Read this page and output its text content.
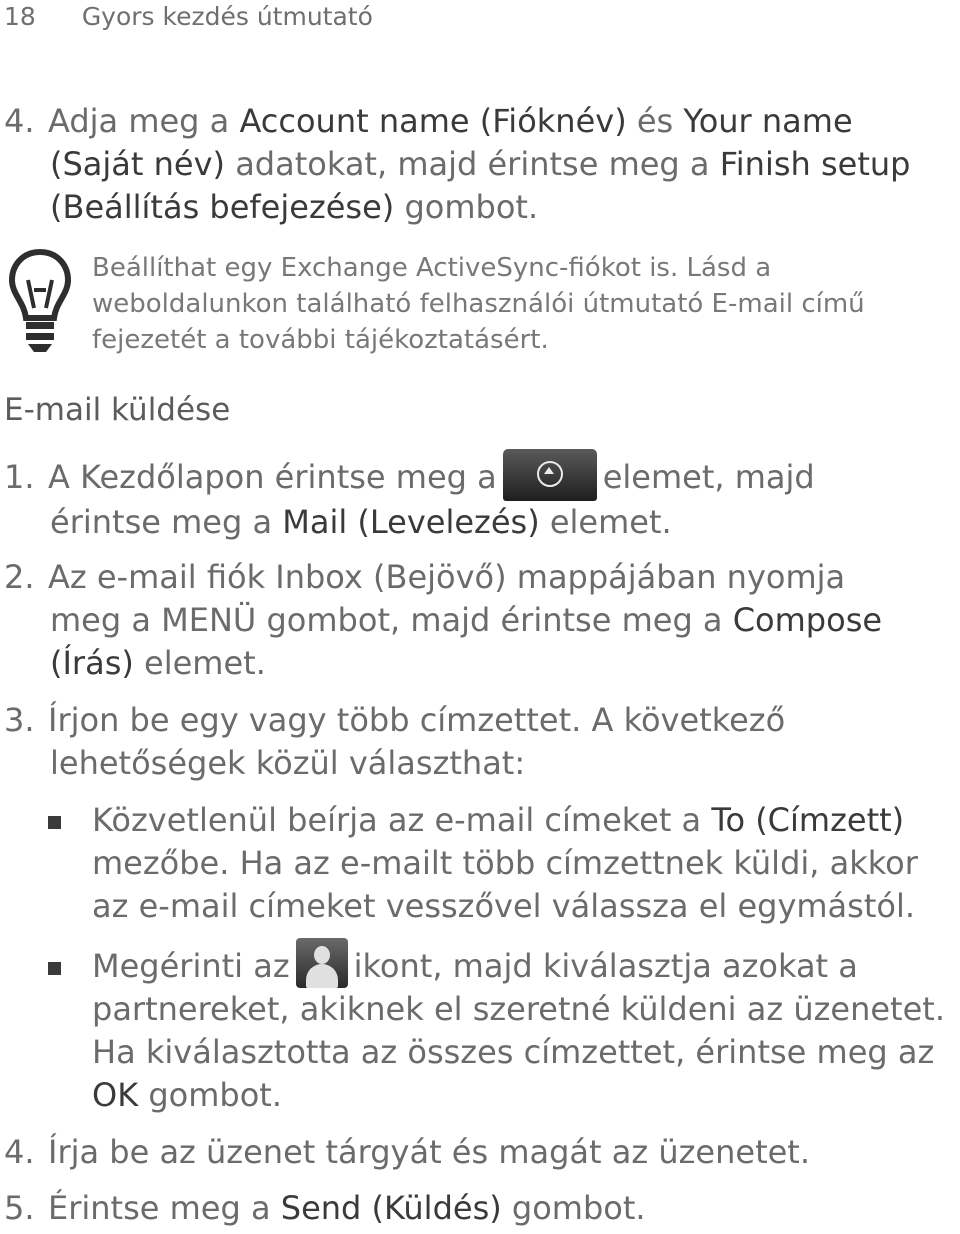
18 Gyors kezdés útmutató
4. Adja meg a Account name (Fióknév) és Your name
(Saját név) adatokat, majd érintse meg a Finish setup
(Beállítás befejezése) gombot.
Beállíthat egy Exchange ActiveSync-fiókot is. Lásd a
weboldalunkon található felhasználói útmutató E-mail című
fejezetét a további tájékoztatásért.
E-mail küldése
1. A Kezdőlapon érintse meg a	elemet, majd
érintse meg a Mail (Levelezés) elemet.
2. Az e-mail fiók Inbox (Bejövő) mappájában nyomja
meg a MENÜ gombot, majd érintse meg a Compose
(Írás) elemet.
3. Írjon be egy vagy több címzettet. A következő
lehetőségek közül választhat:
Közvetlenül beírja az e-mail címeket a To (Címzett)
mezőbe. Ha az e-mailt több címzettnek küldi, akkor
az e-mail címeket vesszővel válassza el egymástól.
Megérinti az ikont, majd kiválasztja azokat a
partnereket, akiknek el szeretné küldeni az üzenetet.
Ha kiválasztotta az összes címzettet, érintse meg az
OK gombot.
4. Írja be az üzenet tárgyát és magát az üzenetet.
5. Érintse meg a Send (Küldés) gombot.
